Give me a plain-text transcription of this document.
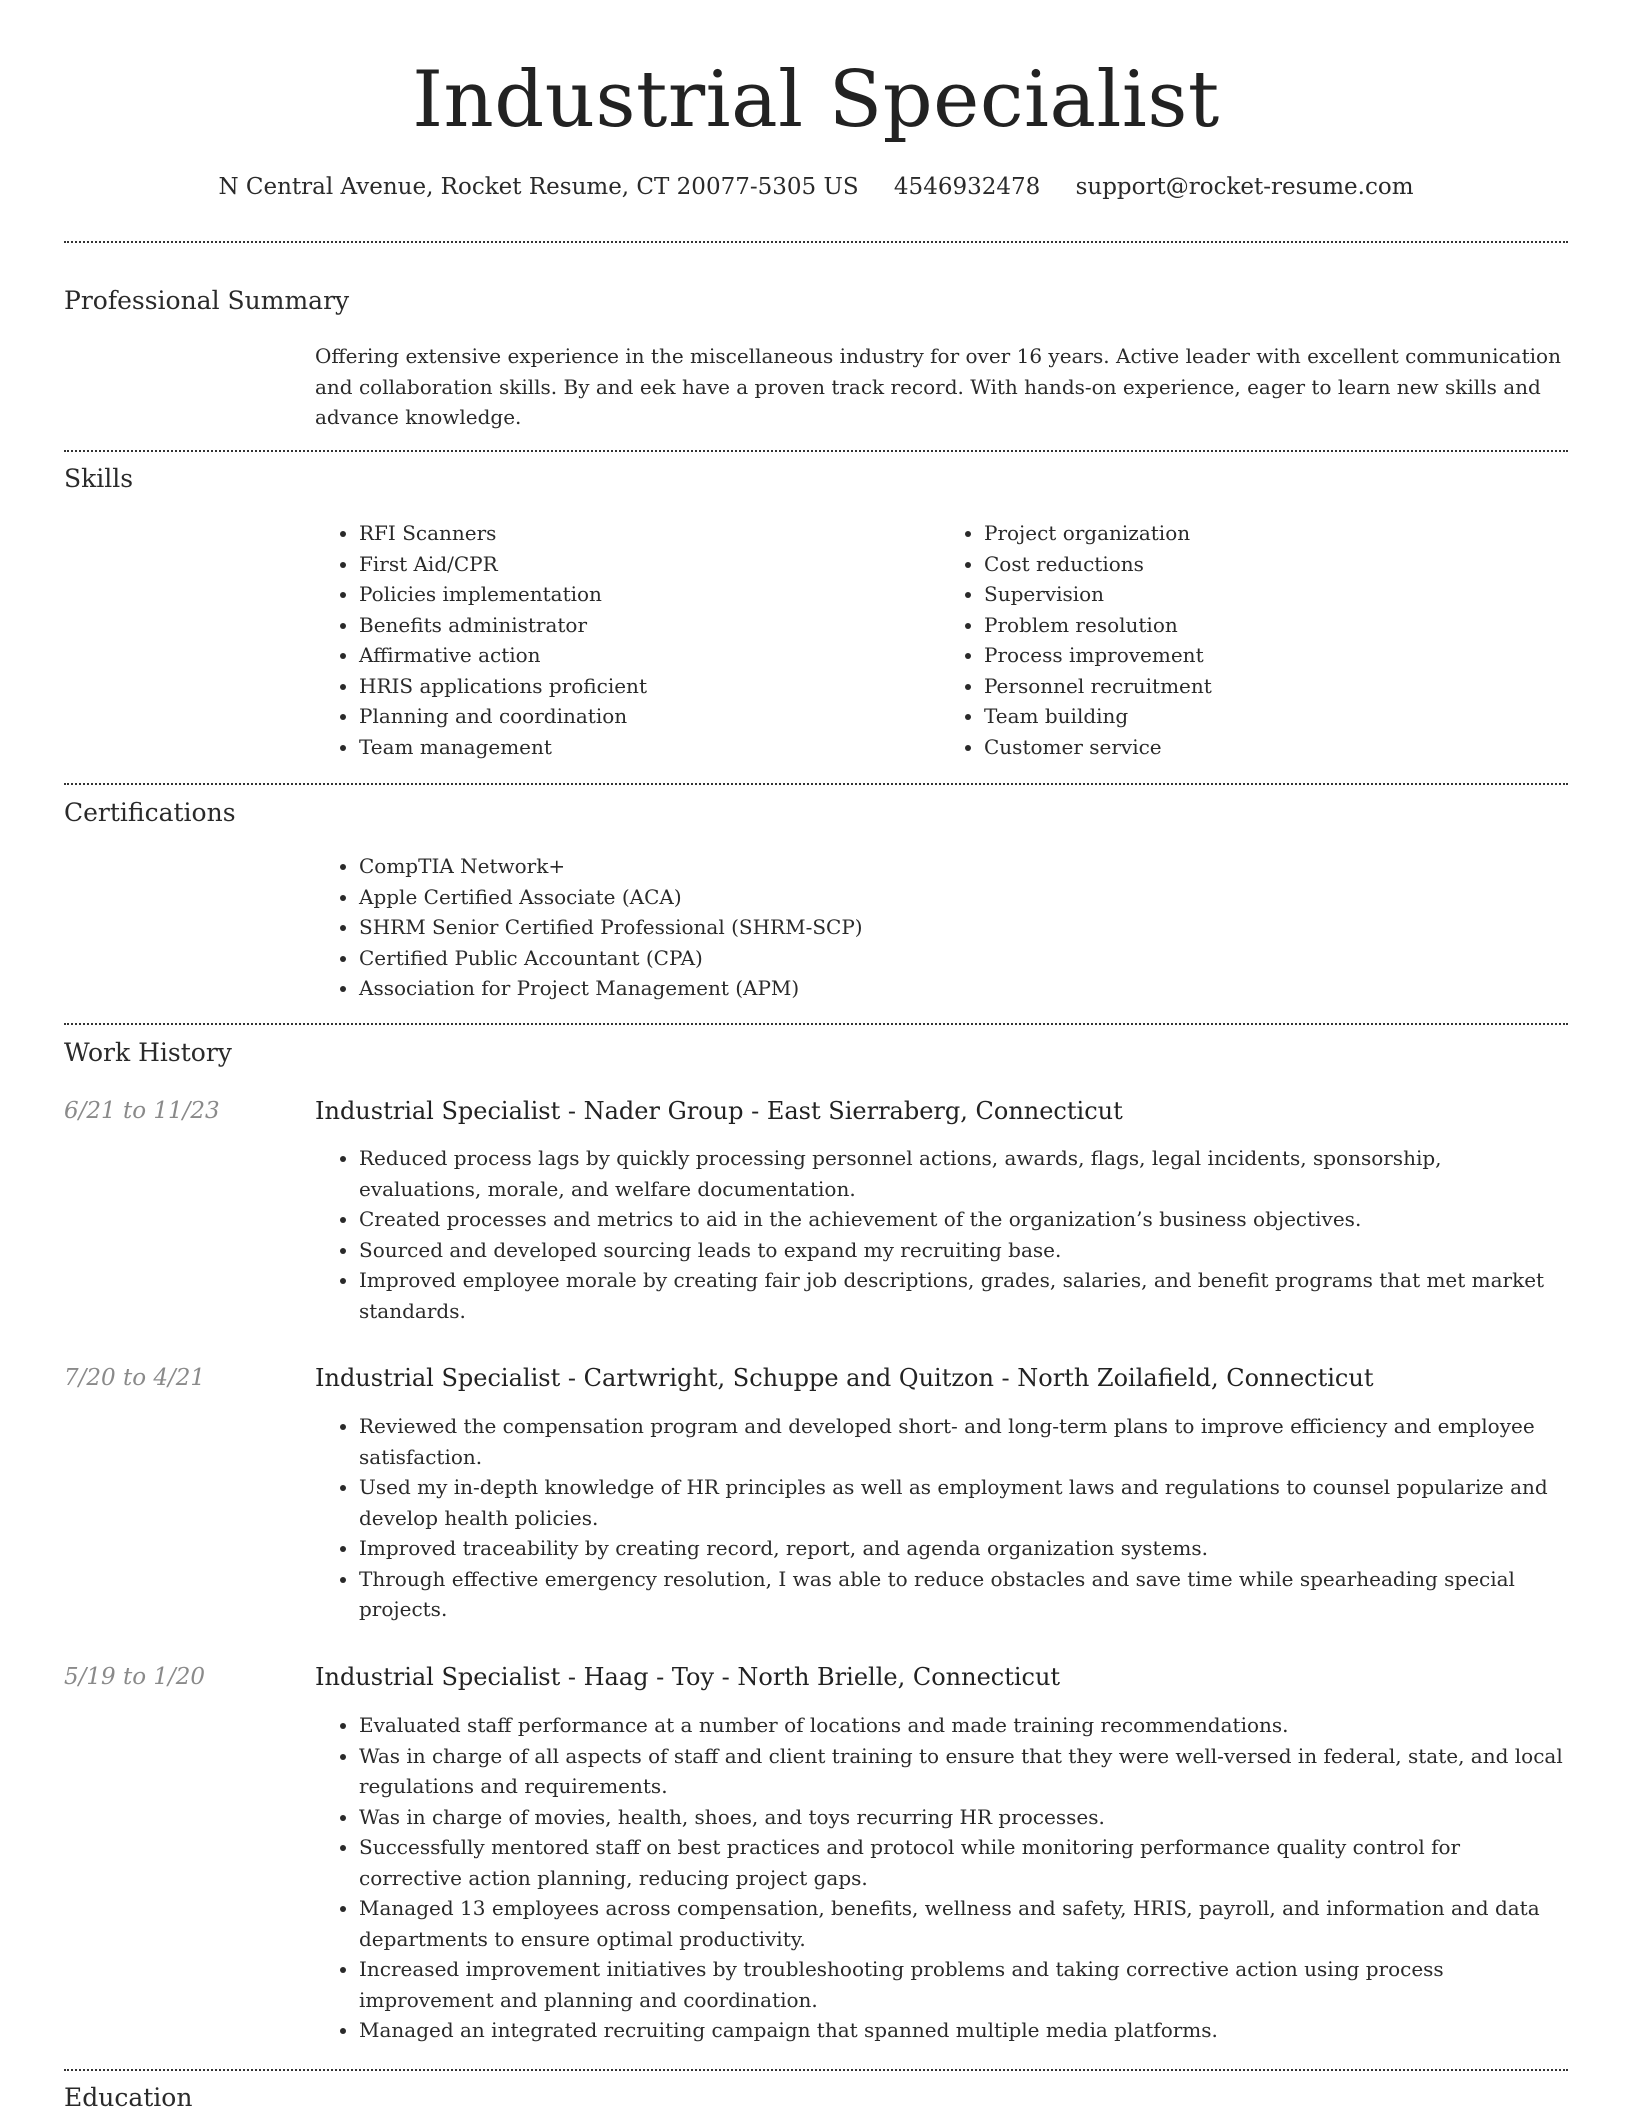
Industrial Specialist
N Central Avenue, Rocket Resume, CT 20077-5305 US 4546932478 support@rocket-resume.com
Professional Summary

Offering extensive experience in the miscellaneous industry for over 16 years. Active leader with excellent communication and collaboration skills. By and eek have a proven track record. With hands-on experience, eager to learn new skills and advance knowledge.

Skills
• RFI Scanners
• First Aid/CPR
• Policies implementation
• Benefits administrator
• Affirmative action
• HRIS applications proficient
• Planning and coordination
• Team management
• Project organization
• Cost reductions
• Supervision
• Problem resolution
• Process improvement
• Personnel recruitment
• Team building
• Customer service
Certifications
• CompTIA Network+
• Apple Certified Associate (ACA)
• SHRM Senior Certified Professional (SHRM-SCP)
• Certified Public Accountant (CPA)
• Association for Project Management (APM)
Work History
6/21 to 11/23	Industrial Specialist - Nader Group - East Sierraberg, Connecticut
• Reduced process lags by quickly processing personnel actions, awards, flags, legal incidents, sponsorship, evaluations, morale, and welfare documentation.
• Created processes and metrics to aid in the achievement of the organization’s business objectives.
• Sourced and developed sourcing leads to expand my recruiting base.
• Improved employee morale by creating fair job descriptions, grades, salaries, and benefit programs that met market standards.
7/20 to 4/21	Industrial Specialist - Cartwright, Schuppe and Quitzon - North Zoilafield, Connecticut
• Reviewed the compensation program and developed short- and long-term plans to improve efficiency and employee satisfaction.
• Used my in-depth knowledge of HR principles as well as employment laws and regulations to counsel popularize and develop health policies.
• Improved traceability by creating record, report, and agenda organization systems.
• Through effective emergency resolution, I was able to reduce obstacles and save time while spearheading special projects.
5/19 to 1/20	Industrial Specialist - Haag - Toy - North Brielle, Connecticut
• Evaluated staff performance at a number of locations and made training recommendations.
• Was in charge of all aspects of staff and client training to ensure that they were well-versed in federal, state, and local regulations and requirements.
• Was in charge of movies, health, shoes, and toys recurring HR processes.
• Successfully mentored staff on best practices and protocol while monitoring performance quality control for corrective action planning, reducing project gaps.
• Managed 13 employees across compensation, benefits, wellness and safety, HRIS, payroll, and information and data departments to ensure optimal productivity.
• Increased improvement initiatives by troubleshooting problems and taking corrective action using process improvement and planning and coordination.
• Managed an integrated recruiting campaign that spanned multiple media platforms.
Education
